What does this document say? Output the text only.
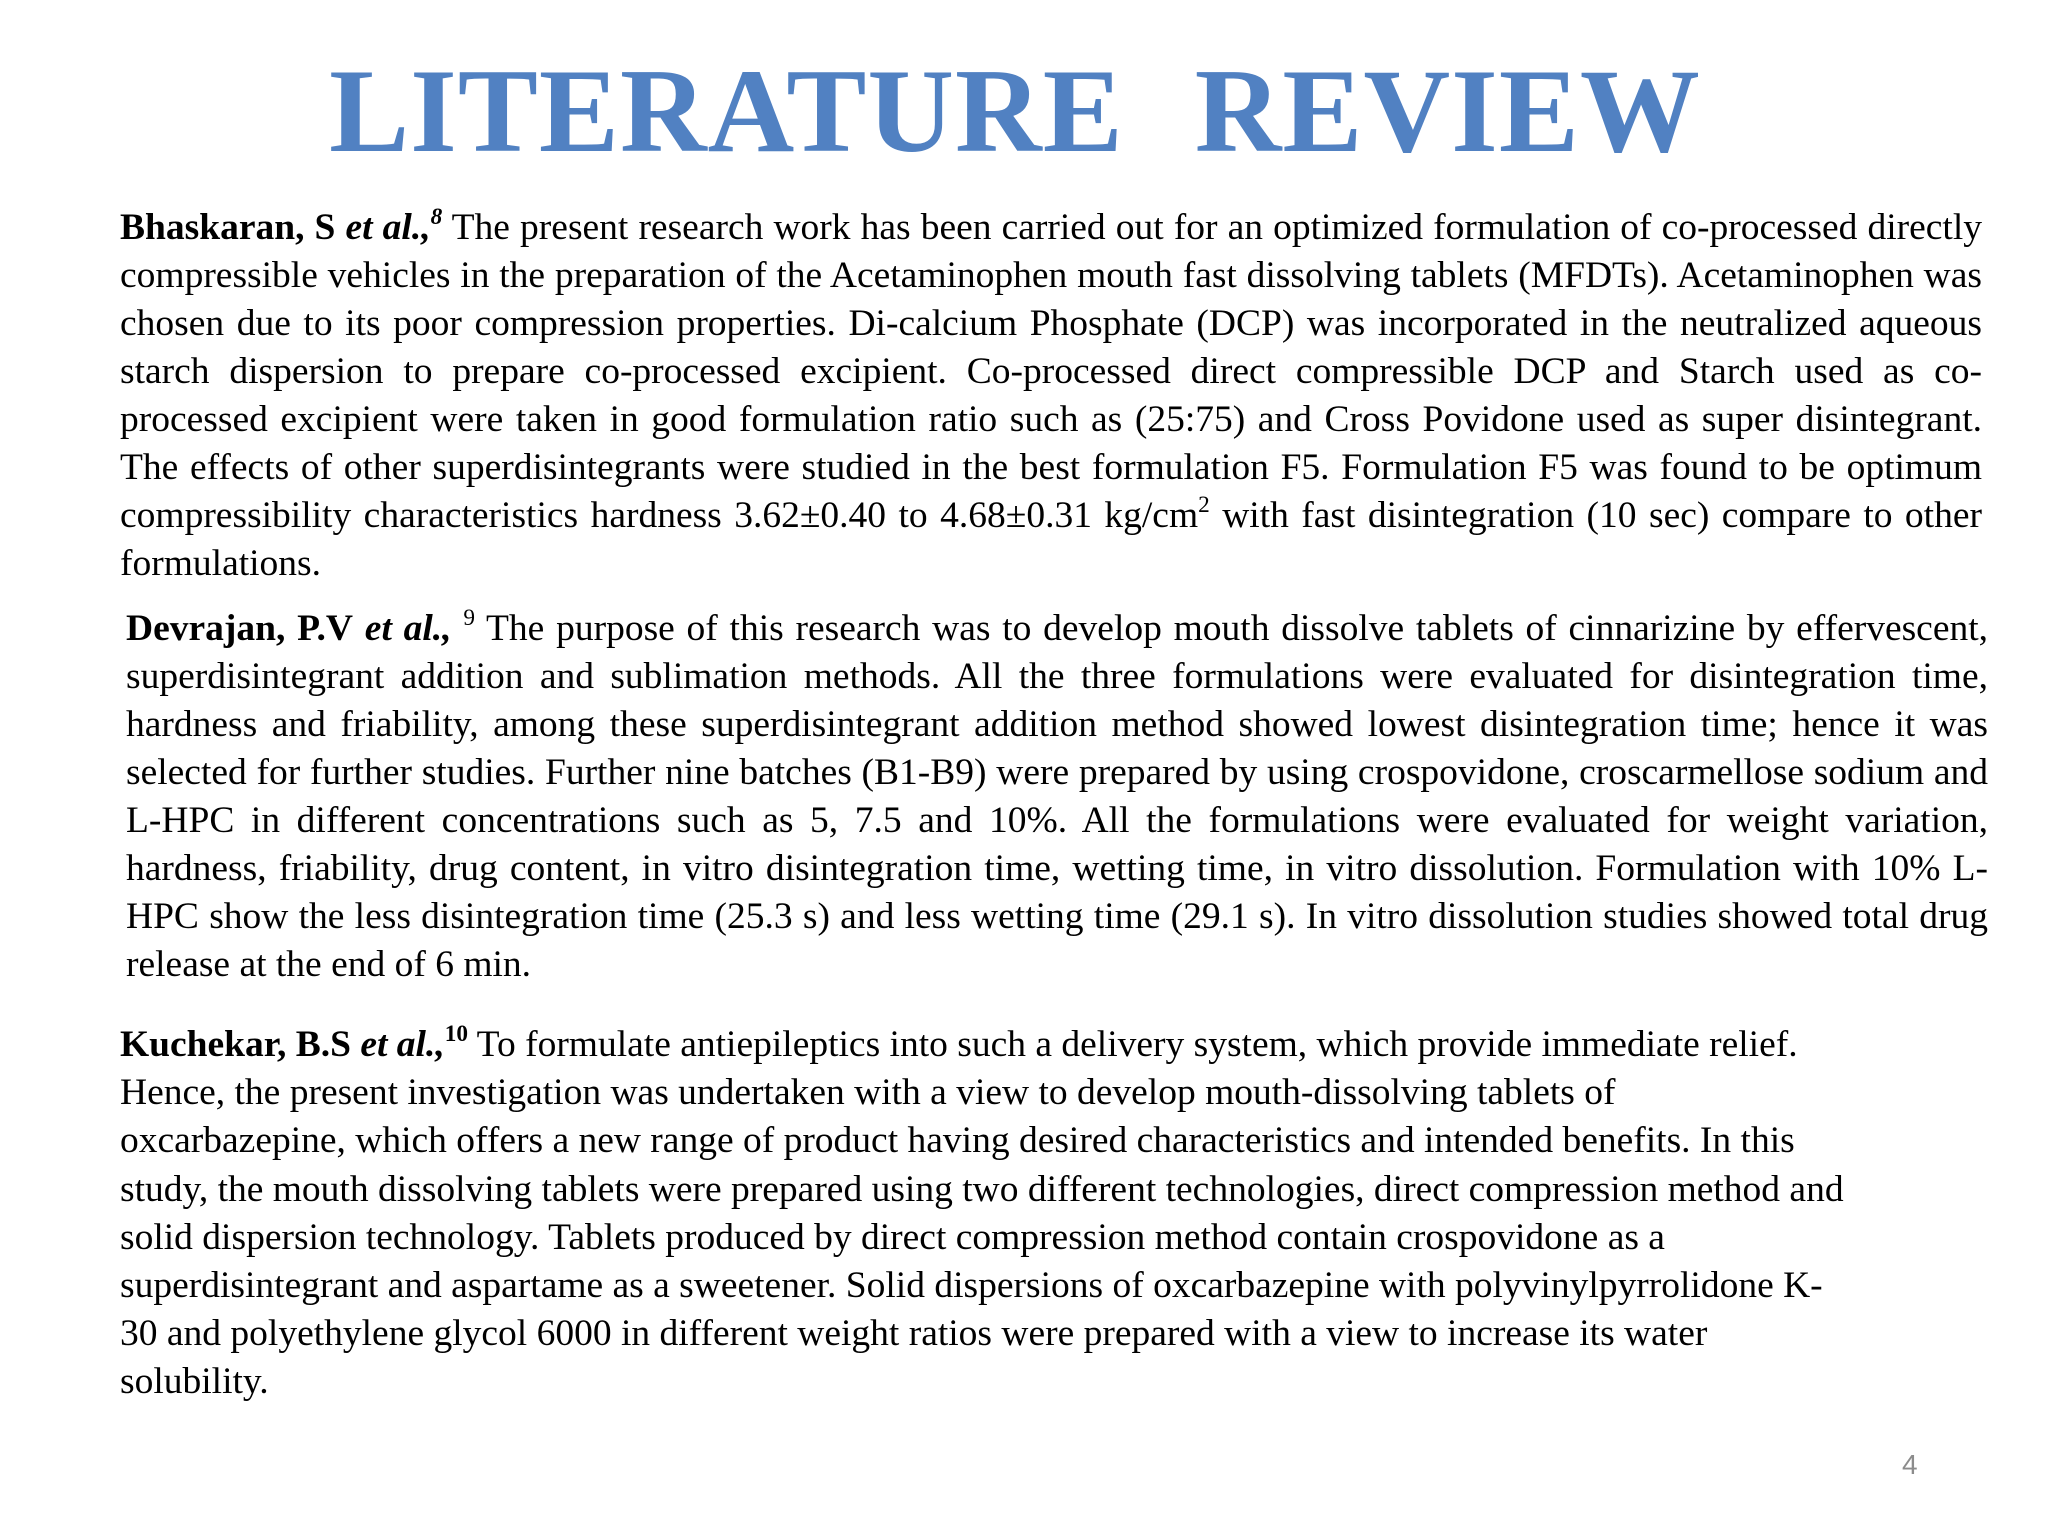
LITERATURE REVIEW

Bhaskaran, S et al.,$^8$ The present research work has been carried out for an optimized formulation of co-processed directly compressible vehicles in the preparation of the Acetaminophen mouth fast dissolving tablets (MFDTs). Acetaminophen was chosen due to its poor compression properties. Di-calcium Phosphate (DCP) was incorporated in the neutralized aqueous starch dispersion to prepare co-processed excipient. Co-processed direct compressible DCP and Starch used as co-processed excipient were taken in good formulation ratio such as (25:75) and Cross Povidone used as super disintegrant. The effects of other superdisintegrants were studied in the best formulation F5. Formulation F5 was found to be optimum compressibility characteristics hardness 3.62±0.40 to 4.68±0.31 $kg/cm^2$ with fast disintegration (10 sec) compare to other formulations.

Devrajan, P.V et al., $^9$ The purpose of this research was to develop mouth dissolve tablets of cinnarizine by effervescent, superdisintegrant addition and sublimation methods. All the three formulations were evaluated for disintegration time, hardness and friability, among these superdisintegrant addition method showed lowest disintegration time; hence it was selected for further studies. Further nine batches (B1-B9) were prepared by using crospovidone, croscarmellose sodium and L-HPC in different concentrations such as 5, 7.5 and 10%. All the formulations were evaluated for weight variation, hardness, friability, drug content, in vitro disintegration time, wetting time, in vitro dissolution. Formulation with 10% L-HPC show the less disintegration time (25.3 s) and less wetting time (29.1 s). In vitro dissolution studies showed total drug release at the end of 6 min.

Kuchekar, B.S et al.,$^{10}$ To formulate antiepileptics into such a delivery system, which provide immediate relief.
Hence, the present investigation was undertaken with a view to develop mouth-dissolving tablets of
oxcarbazepine, which offers a new range of product having desired characteristics and intended benefits. In this
study, the mouth dissolving tablets were prepared using two different technologies, direct compression method and
solid dispersion technology. Tablets produced by direct compression method contain crospovidone as a
superdisintegrant and aspartame as a sweetener. Solid dispersions of oxcarbazepine with polyvinylpyrrolidone K-
30 and polyethylene glycol 6000 in different weight ratios were prepared with a view to increase its water
solubility.

4
